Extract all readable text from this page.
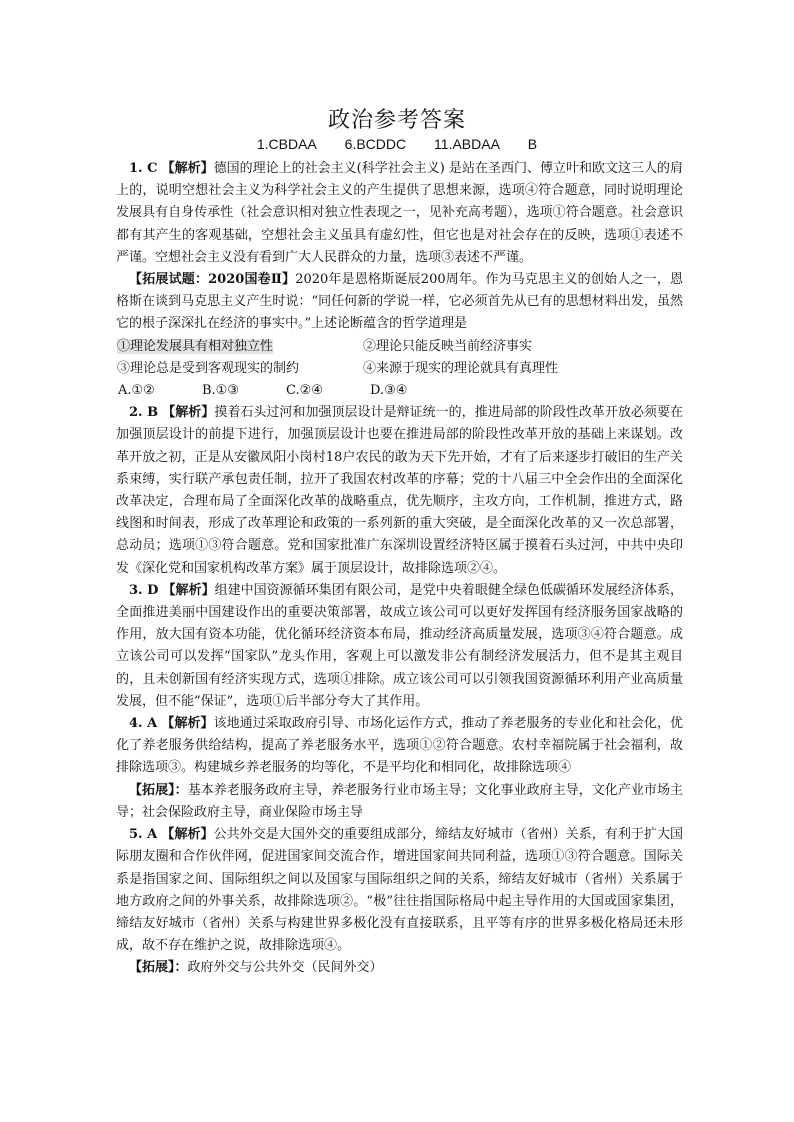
政治参考答案
1.CBDAA 6.BCDDC 11.ABDAA B

1. C 【解析】德国的理论上的社会主义(科学社会主义) 是站在圣西门、傅立叶和欧文这三人的肩上的，说明空想社会主义为科学社会主义的产生提供了思想来源，选项④符合题意，同时说明理论发展具有自身传承性（社会意识相对独立性表现之一，见补充高考题），选项①符合题意。社会意识都有其产生的客观基础，空想社会主义虽具有虚幻性，但它也是对社会存在的反映，选项①表述不严谨。空想社会主义没有看到广大人民群众的力量，选项③表述不严谨。

【拓展试题：2020国卷Ⅱ】2020年是恩格斯诞辰200周年。作为马克思主义的创始人之一，恩格斯在谈到马克思主义产生时说：“同任何新的学说一样，它必须首先从已有的思想材料出发，虽然它的根子深深扎在经济的事实中。”上述论断蕴含的哲学道理是

①理论发展具有相对独立性	②理论只能反映当前经济事实
③理论总是受到客观现实的制约	④来源于现实的理论就具有真理性
A.①②	B.①③	C.②④	D.③④

2. B 【解析】摸着石头过河和加强顶层设计是辩证统一的，推进局部的阶段性改革开放必须要在加强顶层设计的前提下进行，加强顶层设计也要在推进局部的阶段性改革开放的基础上来谋划。改革开放之初，正是从安徽凤阳小岗村18户农民的敢为天下先开始，才有了后来逐步打破旧的生产关系束缚，实行联产承包责任制，拉开了我国农村改革的序幕；党的十八届三中全会作出的全面深化改革决定，合理布局了全面深化改革的战略重点，优先顺序，主攻方向，工作机制，推进方式，路线图和时间表，形成了改革理论和政策的一系列新的重大突破，是全面深化改革的又一次总部署，总动员；选项①③符合题意。党和国家批准广东深圳设置经济特区属于摸着石头过河，中共中央印发《深化党和国家机构改革方案》属于顶层设计，故排除选项②④。

3. D 【解析】组建中国资源循环集团有限公司，是党中央着眼健全绿色低碳循环发展经济体系，全面推进美丽中国建设作出的重要决策部署，故成立该公司可以更好发挥国有经济服务国家战略的作用，放大国有资本功能，优化循环经济资本布局，推动经济高质量发展，选项③④符合题意。成立该公司可以发挥“国家队”龙头作用，客观上可以激发非公有制经济发展活力，但不是其主观目的，且未创新国有经济实现方式，选项①排除。成立该公司可以引领我国资源循环利用产业高质量发展，但不能“保证”，选项①后半部分夸大了其作用。

4. A 【解析】该地通过采取政府引导、市场化运作方式，推动了养老服务的专业化和社会化，优化了养老服务供给结构，提高了养老服务水平，选项①②符合题意。农村幸福院属于社会福利，故排除选项③。构建城乡养老服务的均等化，不是平均化和相同化，故排除选项④

【拓展】：基本养老服务政府主导，养老服务行业市场主导；文化事业政府主导，文化产业市场主导；社会保险政府主导，商业保险市场主导

5. A 【解析】公共外交是大国外交的重要组成部分，缔结友好城市（省州）关系，有利于扩大国际朋友圈和合作伙伴网，促进国家间交流合作，增进国家间共同利益，选项①③符合题意。国际关系是指国家之间、国际组织之间以及国家与国际组织之间的关系，缔结友好城市（省州）关系属于地方政府之间的外事关系，故排除选项②。“极”往往指国际格局中起主导作用的大国或国家集团，缔结友好城市（省州）关系与构建世界多极化没有直接联系，且平等有序的世界多极化格局还未形成，故不存在维护之说，故排除选项④。

【拓展】：政府外交与公共外交（民间外交）
